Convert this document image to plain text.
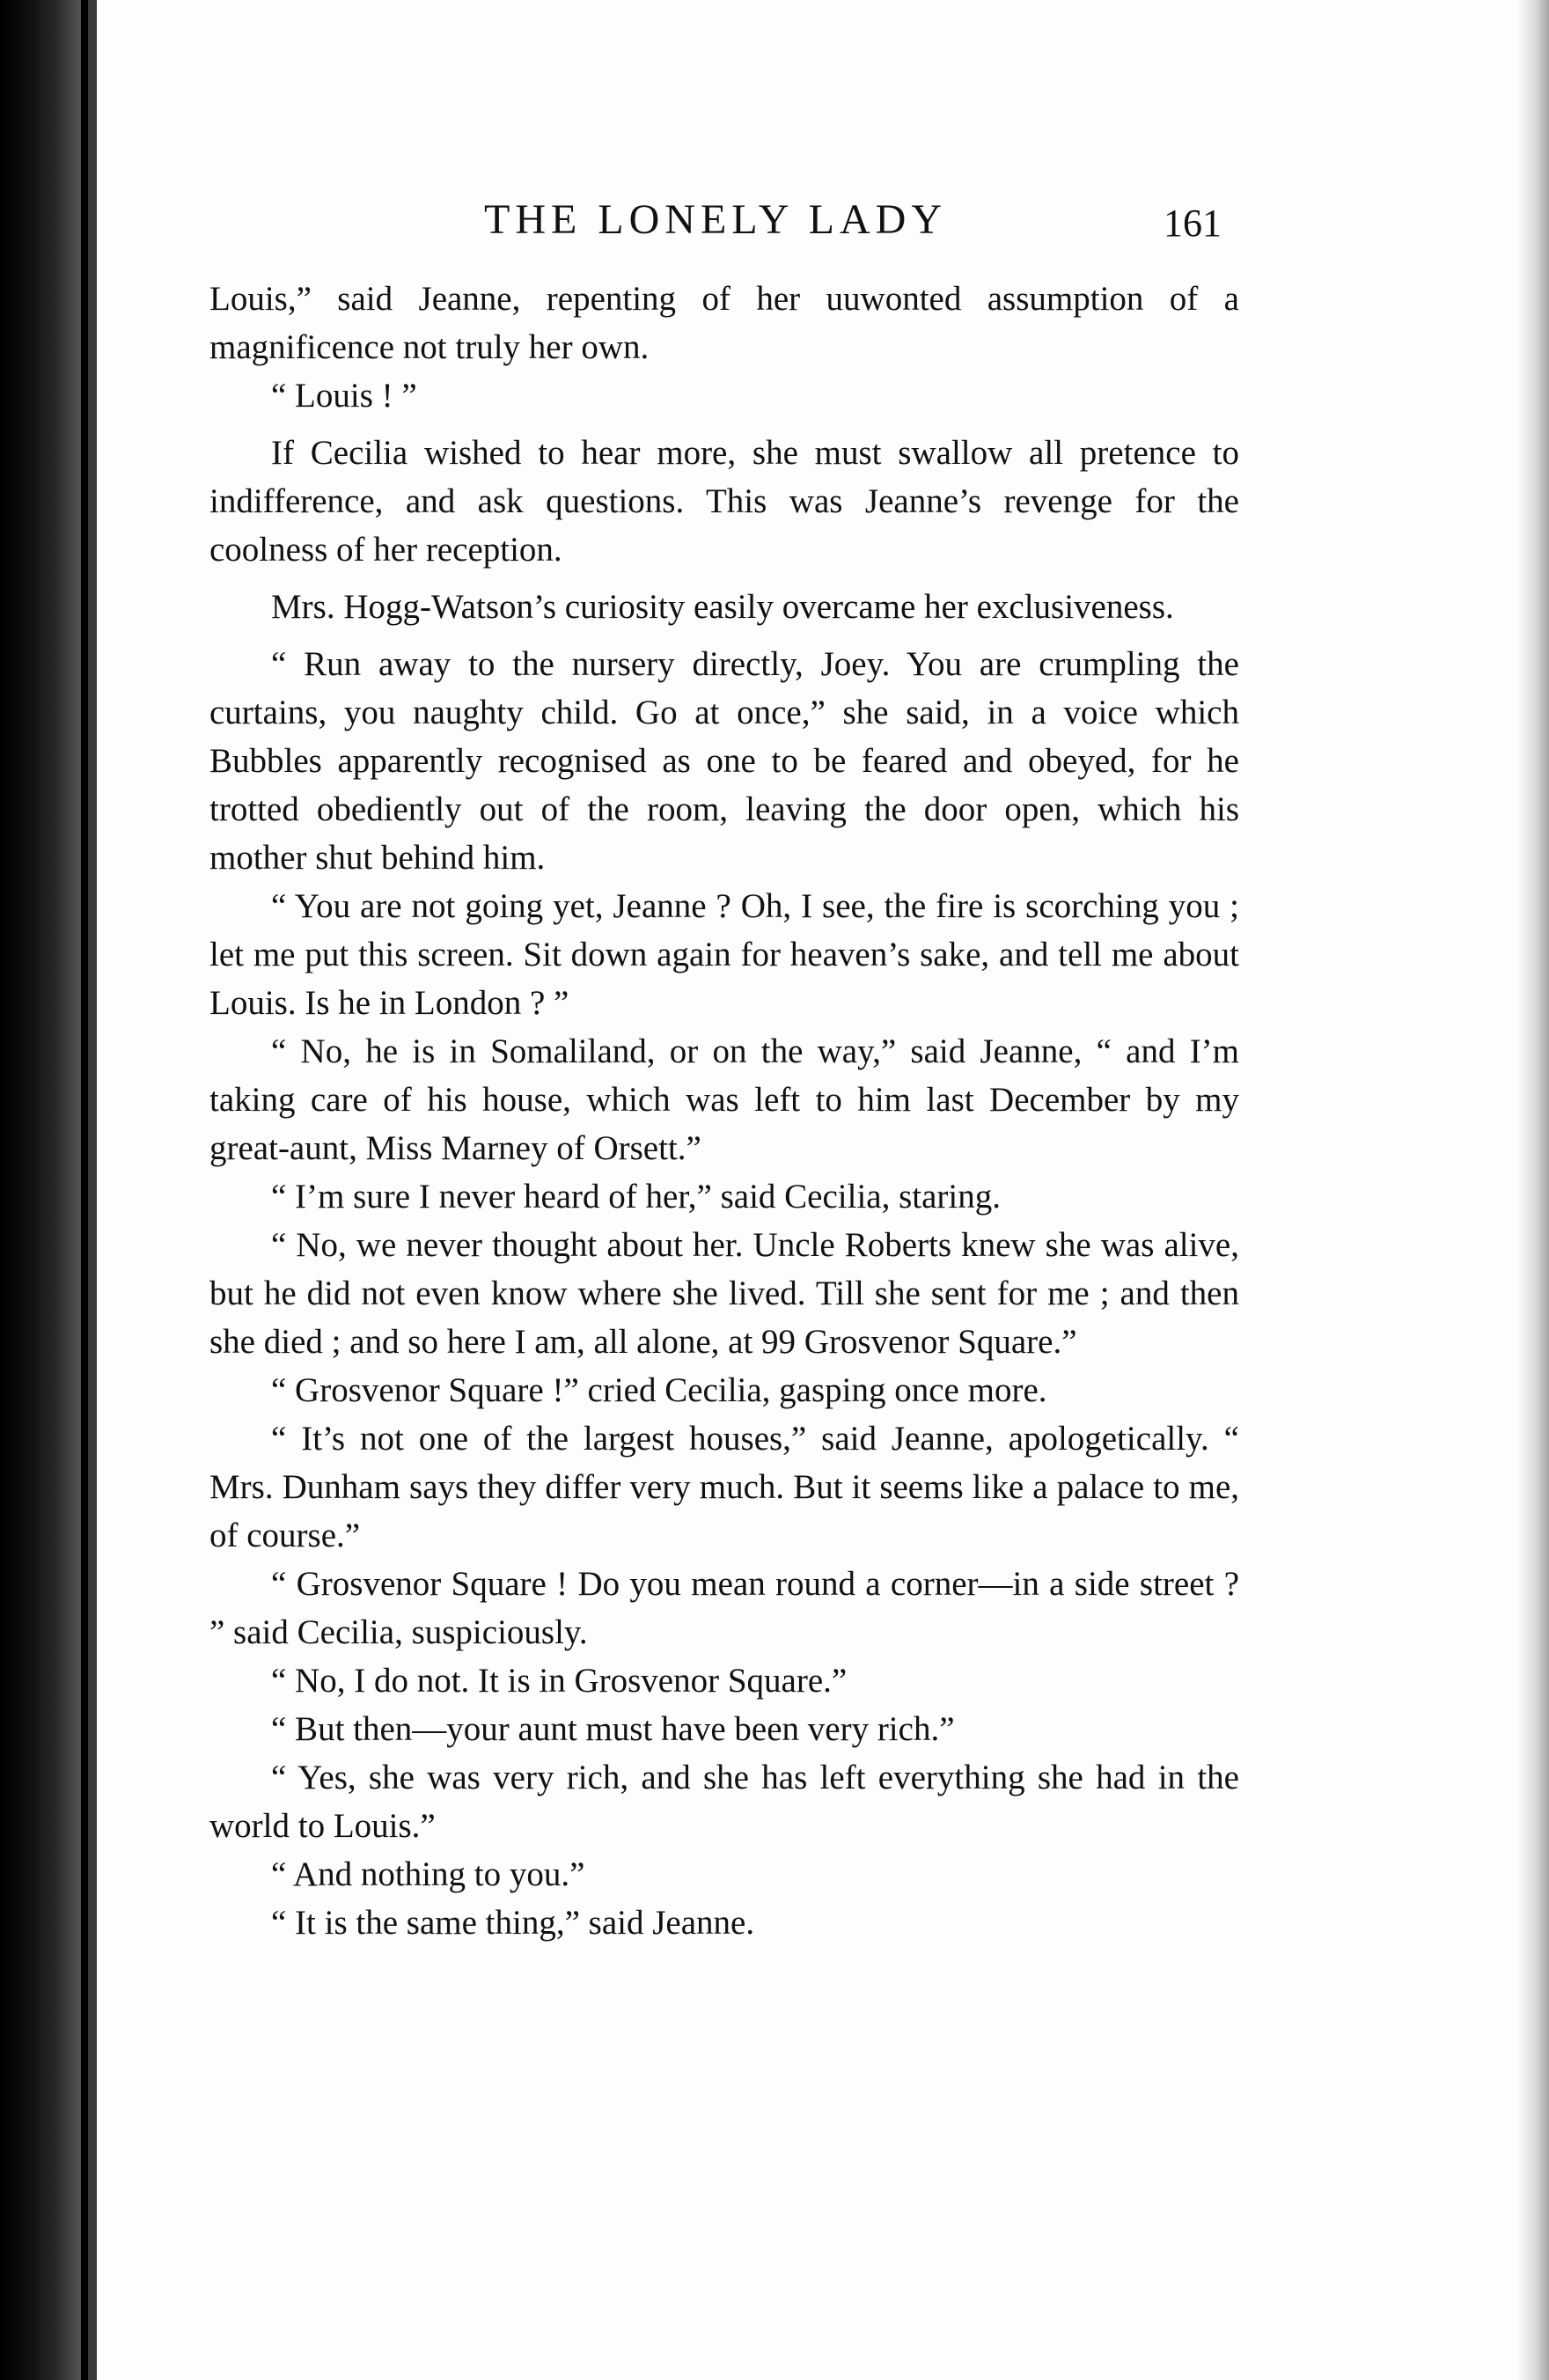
THE LONELY LADY	161

Louis,” said Jeanne, repenting of her uuwonted assumption of a magnificence not truly her own.

“ Louis ! ”

If Cecilia wished to hear more, she must swallow all pretence to indifference, and ask questions. This was Jeanne’s revenge for the coolness of her reception.

Mrs. Hogg-Watson’s curiosity easily overcame her exclusiveness.

“ Run away to the nursery directly, Joey. You are crumpling the curtains, you naughty child. Go at once,” she said, in a voice which Bubbles apparently recognised as one to be feared and obeyed, for he trotted obediently out of the room, leaving the door open, which his mother shut behind him.

“ You are not going yet, Jeanne ? Oh, I see, the fire is scorching you ; let me put this screen. Sit down again for heaven’s sake, and tell me about Louis. Is he in London ? ”

“ No, he is in Somaliland, or on the way,” said Jeanne, “ and I’m taking care of his house, which was left to him last December by my great-aunt, Miss Marney of Orsett.”

“ I’m sure I never heard of her,” said Cecilia, staring.

“ No, we never thought about her. Uncle Roberts knew she was alive, but he did not even know where she lived. Till she sent for me ; and then she died ; and so here I am, all alone, at 99 Grosvenor Square.”

“ Grosvenor Square !” cried Cecilia, gasping once more.

“ It’s not one of the largest houses,” said Jeanne, apologetically. “ Mrs. Dunham says they differ very much. But it seems like a palace to me, of course.”

“ Grosvenor Square ! Do you mean round a corner—in a side street ? ” said Cecilia, suspiciously.

“ No, I do not. It is in Grosvenor Square.”

“ But then—your aunt must have been very rich.”

“ Yes, she was very rich, and she has left everything she had in the world to Louis.”

“ And nothing to you.”

“ It is the same thing,” said Jeanne.
